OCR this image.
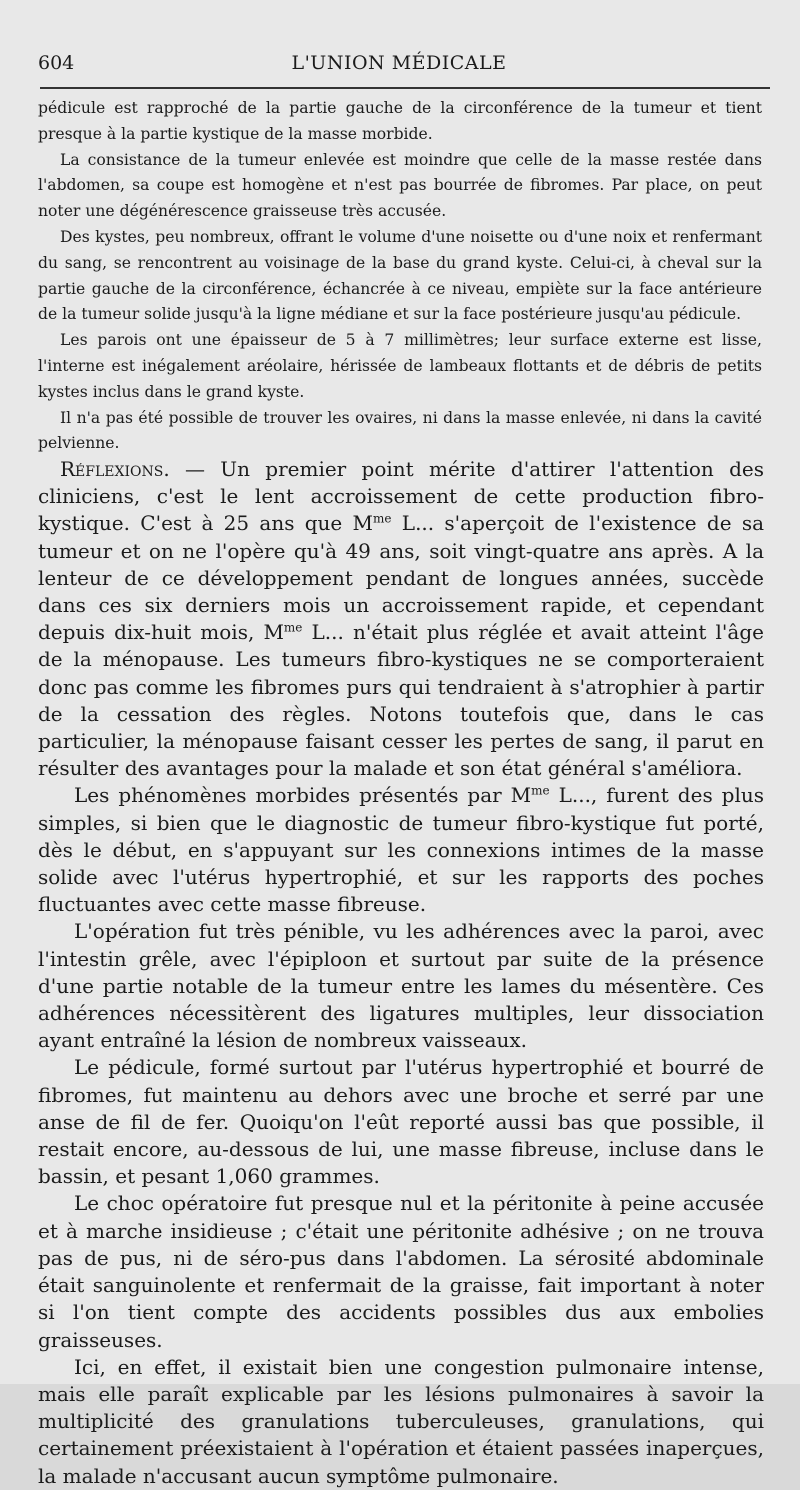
604	L'UNION MÉDICALE

pédicule est rapproché de la partie gauche de la circonférence de la tumeur et tient presque à la partie kystique de la masse morbide.

La consistance de la tumeur enlevée est moindre que celle de la masse restée dans l'abdomen, sa coupe est homogène et n'est pas bourrée de fibromes. Par place, on peut noter une dégénérescence graisseuse très accusée.

Des kystes, peu nombreux, offrant le volume d'une noisette ou d'une noix et renfermant du sang, se rencontrent au voisinage de la base du grand kyste. Celui-ci, à cheval sur la partie gauche de la circonférence, échancrée à ce niveau, empiète sur la face antérieure de la tumeur solide jusqu'à la ligne médiane et sur la face postérieure jusqu'au pédicule.

Les parois ont une épaisseur de 5 à 7 millimètres; leur surface externe est lisse, l'interne est inégalement aréolaire, hérissée de lambeaux flottants et de débris de petits kystes inclus dans le grand kyste.

Il n'a pas été possible de trouver les ovaires, ni dans la masse enlevée, ni dans la cavité pelvienne.

Réflexions. — Un premier point mérite d'attirer l'attention des cliniciens, c'est le lent accroissement de cette production fibro-kystique. C'est à 25 ans que $M^{me}$ L... s'aperçoit de l'existence de sa tumeur et on ne l'opère qu'à 49 ans, soit vingt-quatre ans après. A la lenteur de ce développement pendant de longues années, succède dans ces six derniers mois un accroissement rapide, et cependant depuis dix-huit mois, $M^{me}$ L... n'était plus réglée et avait atteint l'âge de la ménopause. Les tumeurs fibro-kystiques ne se comporteraient donc pas comme les fibromes purs qui tendraient à s'atrophier à partir de la cessation des règles. Notons toutefois que, dans le cas particulier, la ménopause faisant cesser les pertes de sang, il parut en résulter des avantages pour la malade et son état général s'améliora.

Les phénomènes morbides présentés par $M^{me}$ L..., furent des plus simples, si bien que le diagnostic de tumeur fibro-kystique fut porté, dès le début, en s'appuyant sur les connexions intimes de la masse solide avec l'utérus hypertrophié, et sur les rapports des poches fluctuantes avec cette masse fibreuse.

L'opération fut très pénible, vu les adhérences avec la paroi, avec l'intestin grêle, avec l'épiploon et surtout par suite de la présence d'une partie notable de la tumeur entre les lames du mésentère. Ces adhérences nécessitèrent des ligatures multiples, leur dissociation ayant entraîné la lésion de nombreux vaisseaux.

Le pédicule, formé surtout par l'utérus hypertrophié et bourré de fibromes, fut maintenu au dehors avec une broche et serré par une anse de fil de fer. Quoiqu'on l'eût reporté aussi bas que possible, il restait encore, au-dessous de lui, une masse fibreuse, incluse dans le bassin, et pesant 1,060 grammes.

Le choc opératoire fut presque nul et la péritonite à peine accusée et à marche insidieuse ; c'était une péritonite adhésive ; on ne trouva pas de pus, ni de séro-pus dans l'abdomen. La sérosité abdominale était sanguinolente et renfermait de la graisse, fait important à noter si l'on tient compte des accidents possibles dus aux embolies graisseuses.

Ici, en effet, il existait bien une congestion pulmonaire intense, mais elle paraît explicable par les lésions pulmonaires à savoir la multiplicité des granulations tuberculeuses, granulations, qui certainement préexistaient à l'opération et étaient passées inaperçues, la malade n'accusant aucun symptôme pulmonaire.
